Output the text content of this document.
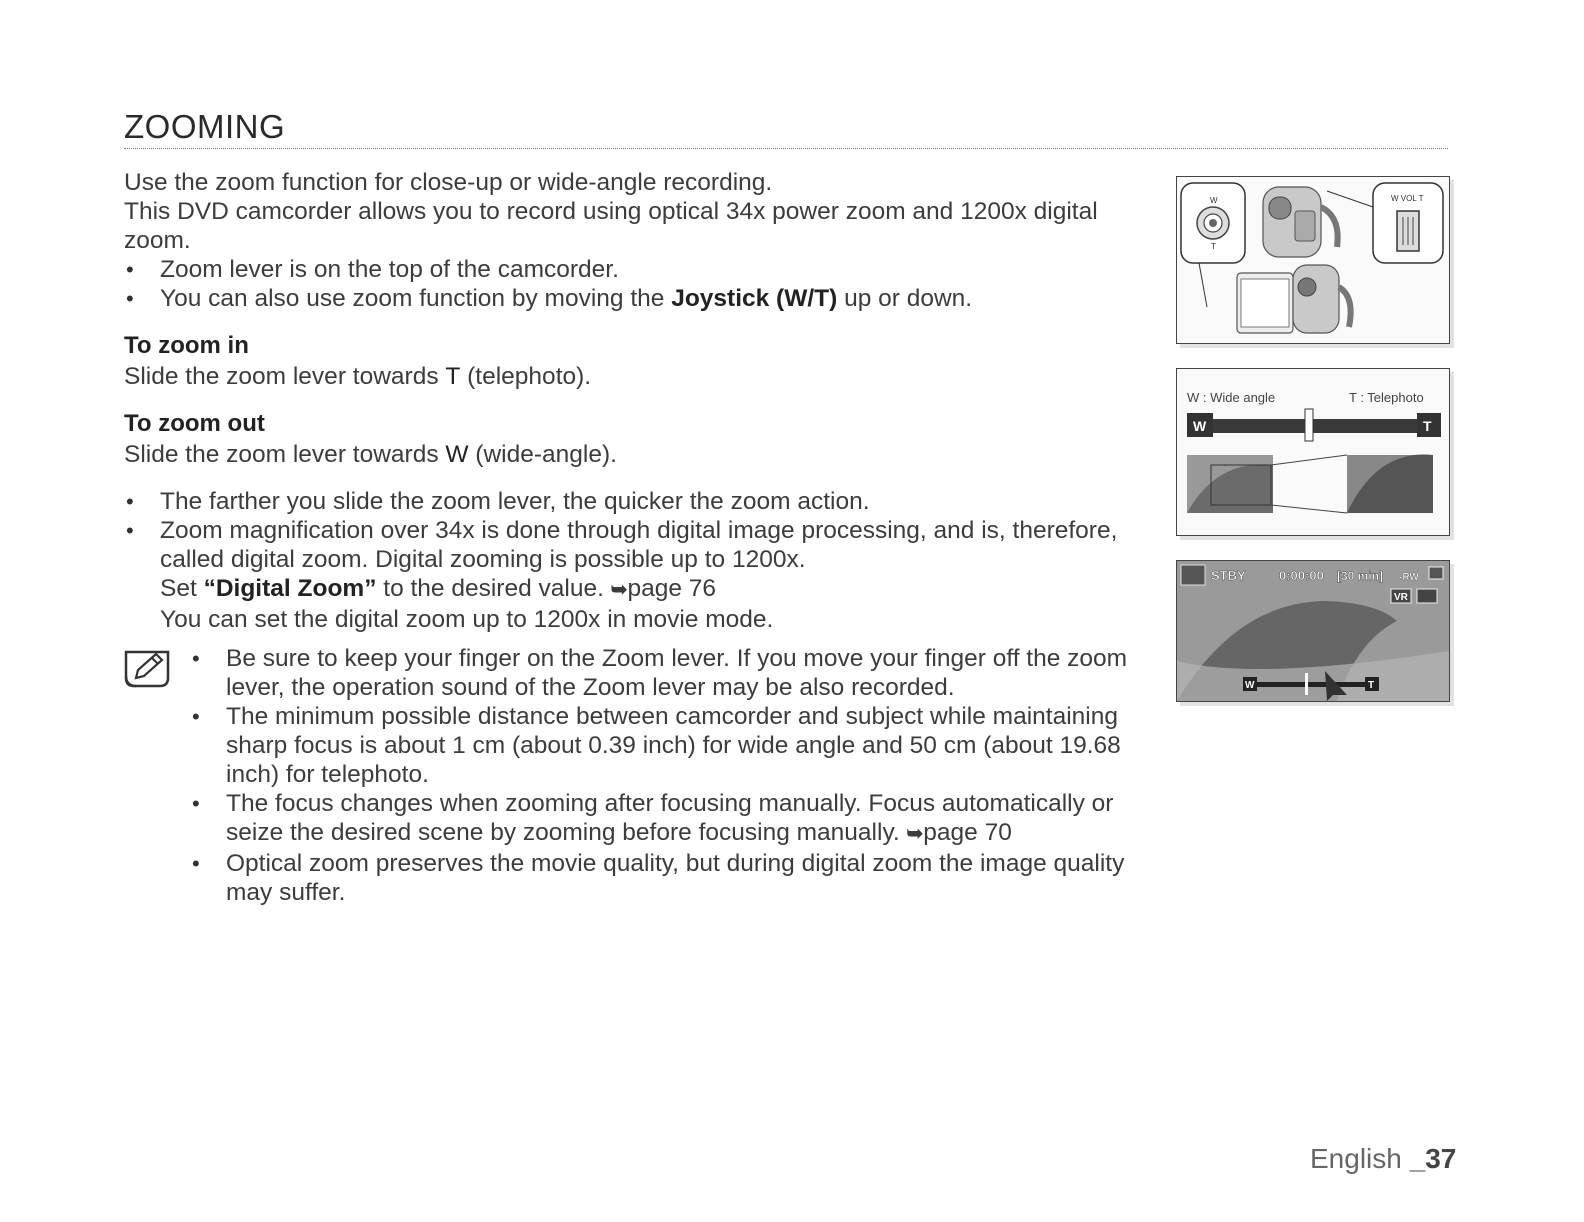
ZOOMING
Use the zoom function for close-up or wide-angle recording.
This DVD camcorder allows you to record using optical 34x power zoom and 1200x digital zoom.
• Zoom lever is on the top of the camcorder.
• You can also use zoom function by moving the Joystick (W/T) up or down.
To zoom in
Slide the zoom lever towards T (telephoto).
To zoom out
Slide the zoom lever towards W (wide-angle).
• The farther you slide the zoom lever, the quicker the zoom action.
• Zoom magnification over 34x is done through digital image processing, and is, therefore, called digital zoom. Digital zooming is possible up to 1200x.
Set “Digital Zoom” to the desired value. ➥page 76
You can set the digital zoom up to 1200x in movie mode.
• Be sure to keep your finger on the Zoom lever. If you move your finger off the zoom lever, the operation sound of the Zoom lever may be also recorded.
• The minimum possible distance between camcorder and subject while maintaining sharp focus is about 1 cm (about 0.39 inch) for wide angle and 50 cm (about 19.68 inch) for telephoto.
• The focus changes when zooming after focusing manually. Focus automatically or seize the desired scene by zooming before focusing manually. ➥page 70
• Optical zoom preserves the movie quality, but during digital zoom the image quality may suffer.
W
T
W VOL T
W : Wide angle	T : Telephoto
W	T
STBY	0:00:00 [30 min] -RW
VR
W	T
English _37
